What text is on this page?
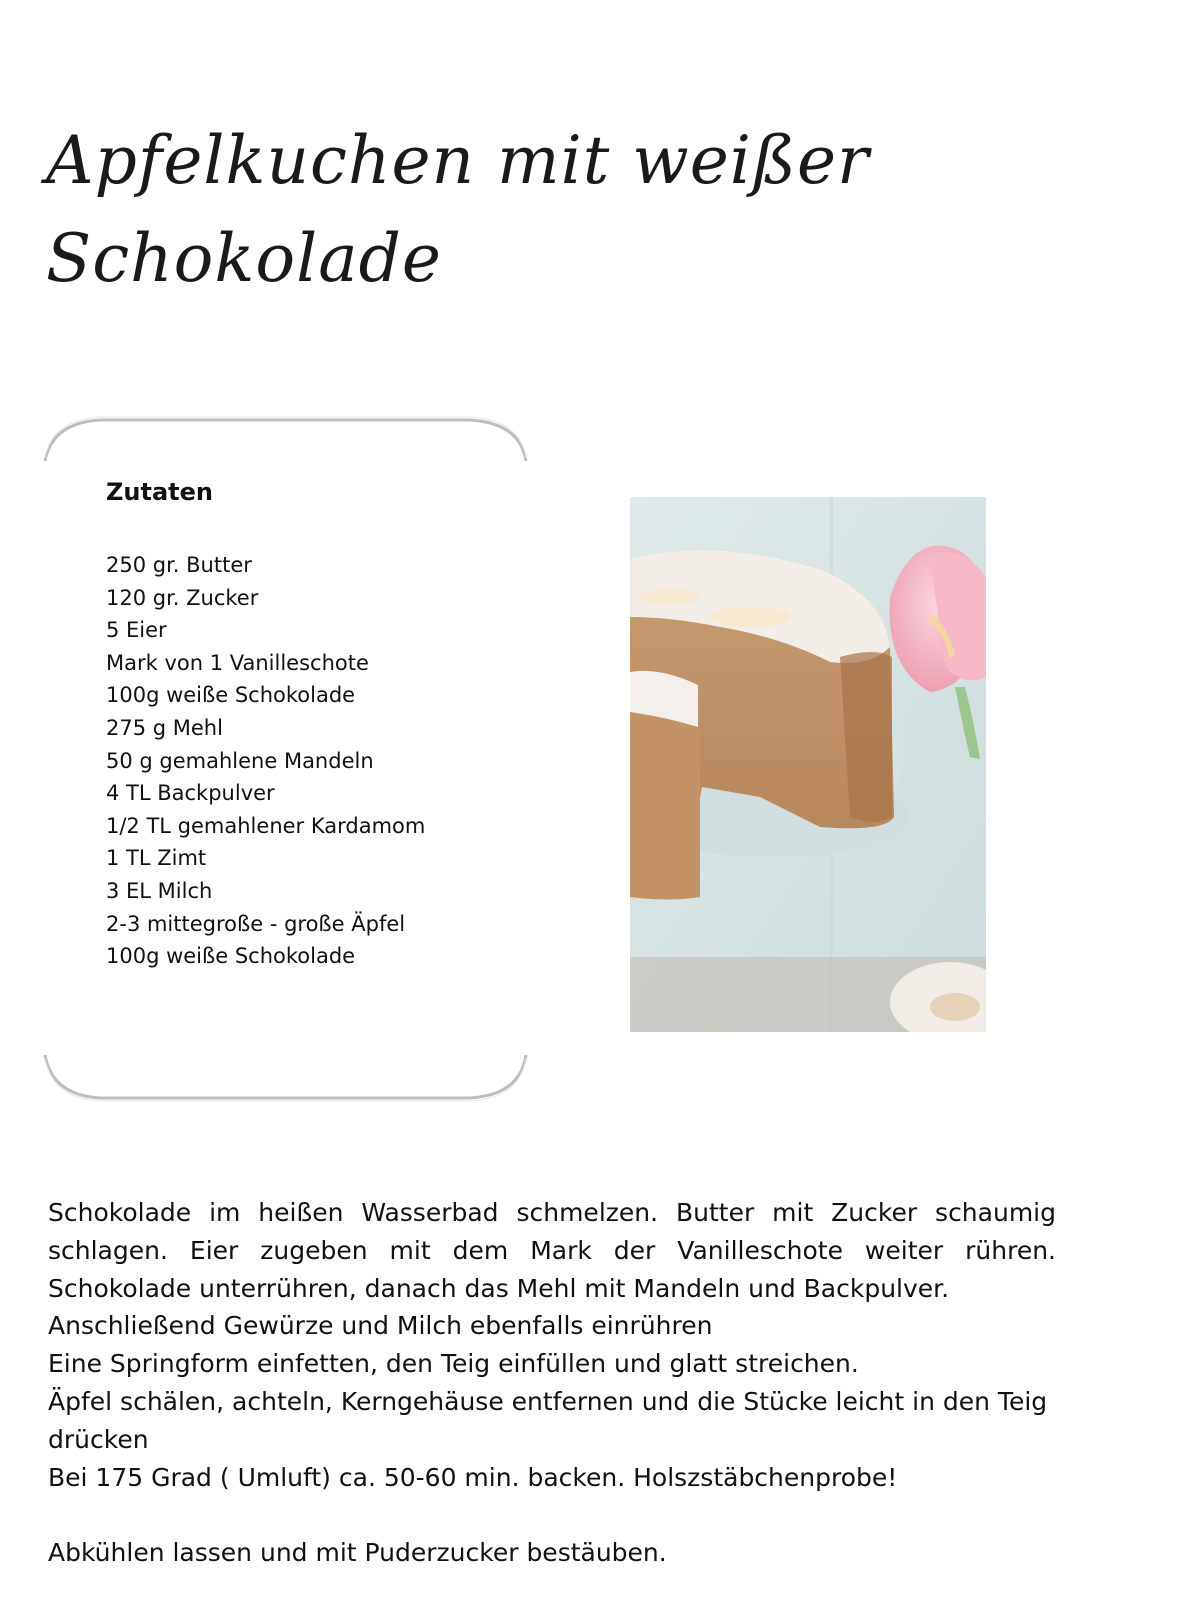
Apfelkuchen mit weißer
Schokolade
Zutaten
250 gr. Butter
120 gr. Zucker
5 Eier
Mark von 1 Vanilleschote
100g weiße Schokolade
275 g Mehl
50 g gemahlene Mandeln
4 TL Backpulver
1/2 TL gemahlener Kardamom
1 TL Zimt
3 EL Milch
2-3 mittegroße - große Äpfel
100g weiße Schokolade

Schokolade im heißen Wasserbad schmelzen. Butter mit Zucker schaumig schlagen. Eier zugeben mit dem Mark der Vanilleschote weiter rühren. Schokolade unterrühren, danach das Mehl mit Mandeln und Backpulver.

Anschließend Gewürze und Milch ebenfalls einrühren

Eine Springform einfetten, den Teig einfüllen und glatt streichen.

Äpfel schälen, achteln, Kerngehäuse entfernen und die Stücke leicht in den Teig drücken

Bei 175 Grad ( Umluft) ca. 50-60 min. backen. Holszstäbchenprobe!

Abkühlen lassen und mit Puderzucker bestäuben.
